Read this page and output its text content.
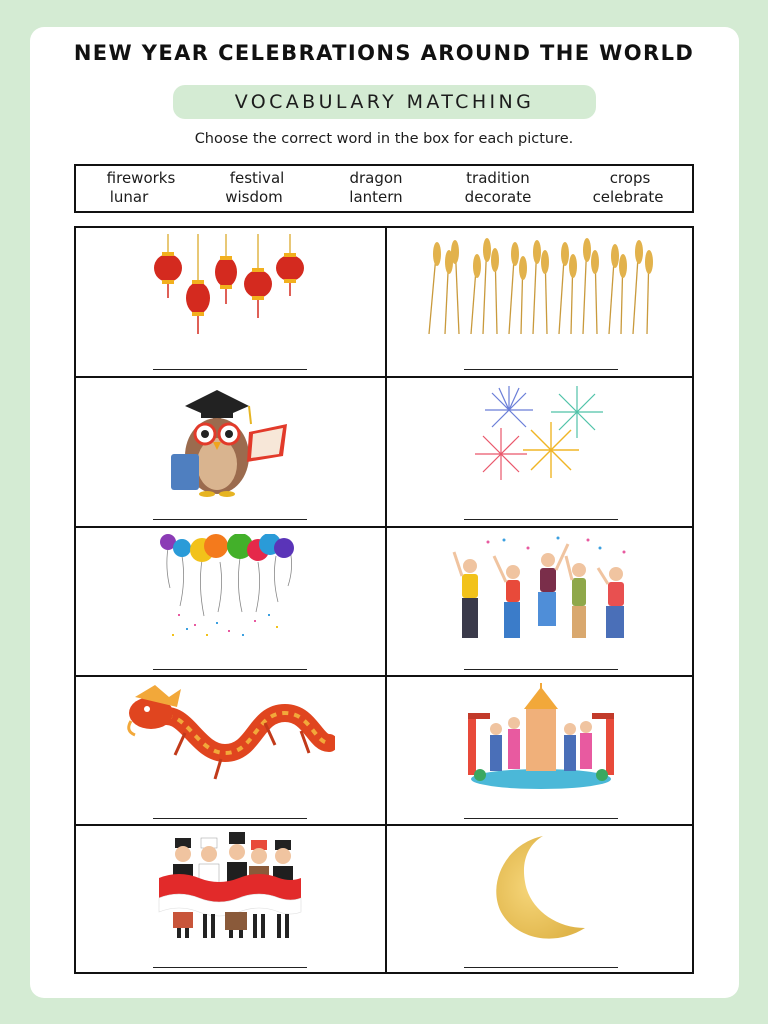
NEW YEAR CELEBRATIONS AROUND THE WORLD
VOCABULARY MATCHING
Choose the correct word in the box for each picture.
fireworks
lunar
festival
wisdom
dragon
lantern
tradition
decorate
crops
celebrate
